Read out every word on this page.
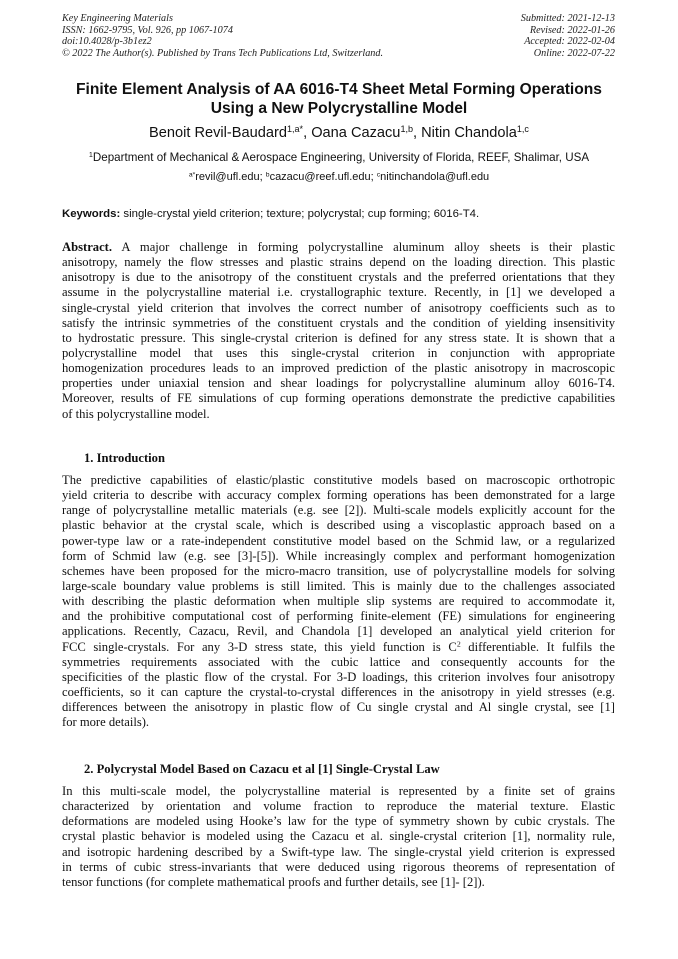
Key Engineering Materials	Submitted: 2021-12-13
ISSN: 1662-9795, Vol. 926, pp 1067-1074	Revised: 2022-01-26
doi:10.4028/p-3b1ez2	Accepted: 2022-02-04
© 2022 The Author(s). Published by Trans Tech Publications Ltd, Switzerland.	Online: 2022-07-22
Finite Element Analysis of AA 6016-T4 Sheet Metal Forming Operations
Using a New Polycrystalline Model
Benoit Revil-Baudard$^{1,a*}$, Oana Cazacu$^{1,b}$, Nitin Chandola$^{1,c}$
$^1$Department of Mechanical & Aerospace Engineering, University of Florida, REEF, Shalimar, USA
$^{a*}$revil@ufl.edu; $^b$cazacu@reef.ufl.edu; $^c$nitinchandola@ufl.edu
Keywords: single-crystal yield criterion; texture; polycrystal; cup forming; 6016-T4.
Abstract. A major challenge in forming polycrystalline aluminum alloy sheets is their plastic
anisotropy, namely the flow stresses and plastic strains depend on the loading direction. This plastic
anisotropy is due to the anisotropy of the constituent crystals and the preferred orientations that they
assume in the polycrystalline material i.e. crystallographic texture. Recently, in [1] we developed a
single-crystal yield criterion that involves the correct number of anisotropy coefficients such as to
satisfy the intrinsic symmetries of the constituent crystals and the condition of yielding insensitivity
to hydrostatic pressure. This single-crystal criterion is defined for any stress state. It is shown that a
polycrystalline model that uses this single-crystal criterion in conjunction with appropriate
homogenization procedures leads to an improved prediction of the plastic anisotropy in macroscopic
properties under uniaxial tension and shear loadings for polycrystalline aluminum alloy 6016-T4.
Moreover, results of FE simulations of cup forming operations demonstrate the predictive capabilities
of this polycrystalline model.
1. Introduction
The predictive capabilities of elastic/plastic constitutive models based on macroscopic orthotropic
yield criteria to describe with accuracy complex forming operations has been demonstrated for a large
range of polycrystalline metallic materials (e.g. see [2]). Multi-scale models explicitly account for the
plastic behavior at the crystal scale, which is described using a viscoplastic approach based on a
power-type law or a rate-independent constitutive model based on the Schmid law, or a regularized
form of Schmid law (e.g. see [3]-[5]). While increasingly complex and performant homogenization
schemes have been proposed for the micro-macro transition, use of polycrystalline models for solving
large-scale boundary value problems is still limited. This is mainly due to the challenges associated
with describing the plastic deformation when multiple slip systems are required to accommodate it,
and the prohibitive computational cost of performing finite-element (FE) simulations for engineering
applications. Recently, Cazacu, Revil, and Chandola [1] developed an analytical yield criterion for
FCC single-crystals. For any 3-D stress state, this yield function is $C^2$ differentiable. It fulfils the
symmetries requirements associated with the cubic lattice and consequently accounts for the
specificities of the plastic flow of the crystal. For 3-D loadings, this criterion involves four anisotropy
coefficients, so it can capture the crystal-to-crystal differences in the anisotropy in yield stresses (e.g.
differences between the anisotropy in plastic flow of Cu single crystal and Al single crystal, see [1]
for more details).
2. Polycrystal Model Based on Cazacu et al [1] Single-Crystal Law
In this multi-scale model, the polycrystalline material is represented by a finite set of grains
characterized by orientation and volume fraction to reproduce the material texture. Elastic
deformations are modeled using Hooke’s law for the type of symmetry shown by cubic crystals. The
crystal plastic behavior is modeled using the Cazacu et al. single-crystal criterion [1], normality rule,
and isotropic hardening described by a Swift-type law. The single-crystal yield criterion is expressed
in terms of cubic stress-invariants that were deduced using rigorous theorems of representation of
tensor functions (for complete mathematical proofs and further details, see [1]- [2]).
